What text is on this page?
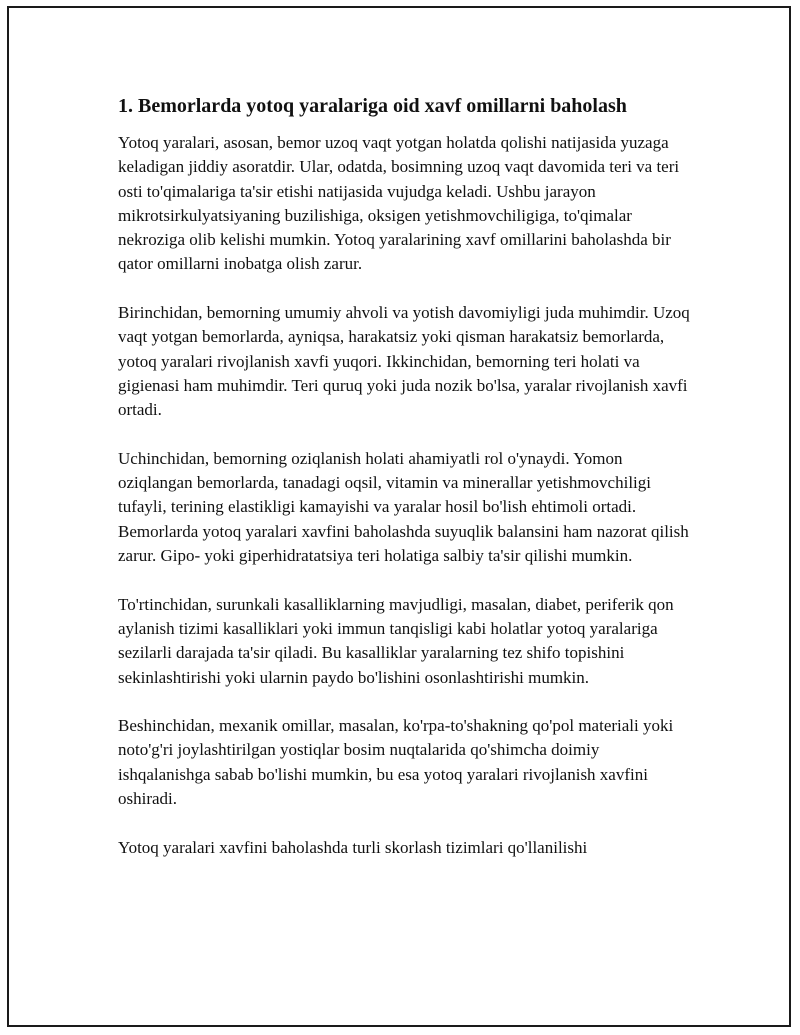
1. Bemorlarda yotoq yaralariga oid xavf omillarni baholash

Yotoq yaralari, asosan, bemor uzoq vaqt yotgan holatda qolishi natijasida yuzaga keladigan jiddiy asoratdir. Ular, odatda, bosimning uzoq vaqt davomida teri va teri osti to'qimalariga ta'sir etishi natijasida vujudga keladi. Ushbu jarayon mikrotsirkulyatsiyaning buzilishiga, oksigen yetishmovchiligiga, to'qimalar nekroziga olib kelishi mumkin. Yotoq yaralarining xavf omillarini baholashda bir qator omillarni inobatga olish zarur.

Birinchidan, bemorning umumiy ahvoli va yotish davomiyligi juda muhimdir. Uzoq vaqt yotgan bemorlarda, ayniqsa, harakatsiz yoki qisman harakatsiz bemorlarda, yotoq yaralari rivojlanish xavfi yuqori. Ikkinchidan, bemorning teri holati va gigienasi ham muhimdir. Teri quruq yoki juda nozik bo'lsa, yaralar rivojlanish xavfi ortadi.

Uchinchidan, bemorning oziqlanish holati ahamiyatli rol o'ynaydi. Yomon oziqlangan bemorlarda, tanadagi oqsil, vitamin va minerallar yetishmovchiligi tufayli, terining elastikligi kamayishi va yaralar hosil bo'lish ehtimoli ortadi. Bemorlarda yotoq yaralari xavfini baholashda suyuqlik balansini ham nazorat qilish zarur. Gipo- yoki giperhidratatsiya teri holatiga salbiy ta'sir qilishi mumkin.

To'rtinchidan, surunkali kasalliklarning mavjudligi, masalan, diabet, periferik qon aylanish tizimi kasalliklari yoki immun tanqisligi kabi holatlar yotoq yaralariga sezilarli darajada ta'sir qiladi. Bu kasalliklar yaralarning tez shifo topishini sekinlashtirishi yoki ularnin paydo bo'lishini osonlashtirishi mumkin.

Beshinchidan, mexanik omillar, masalan, ko'rpa-to'shakning qo'pol materiali yoki noto'g'ri joylashtirilgan yostiqlar bosim nuqtalarida qo'shimcha doimiy ishqalanishga sabab bo'lishi mumkin, bu esa yotoq yaralari rivojlanish xavfini oshiradi.

Yotoq yaralari xavfini baholashda turli skorlash tizimlari qo'llanilishi
